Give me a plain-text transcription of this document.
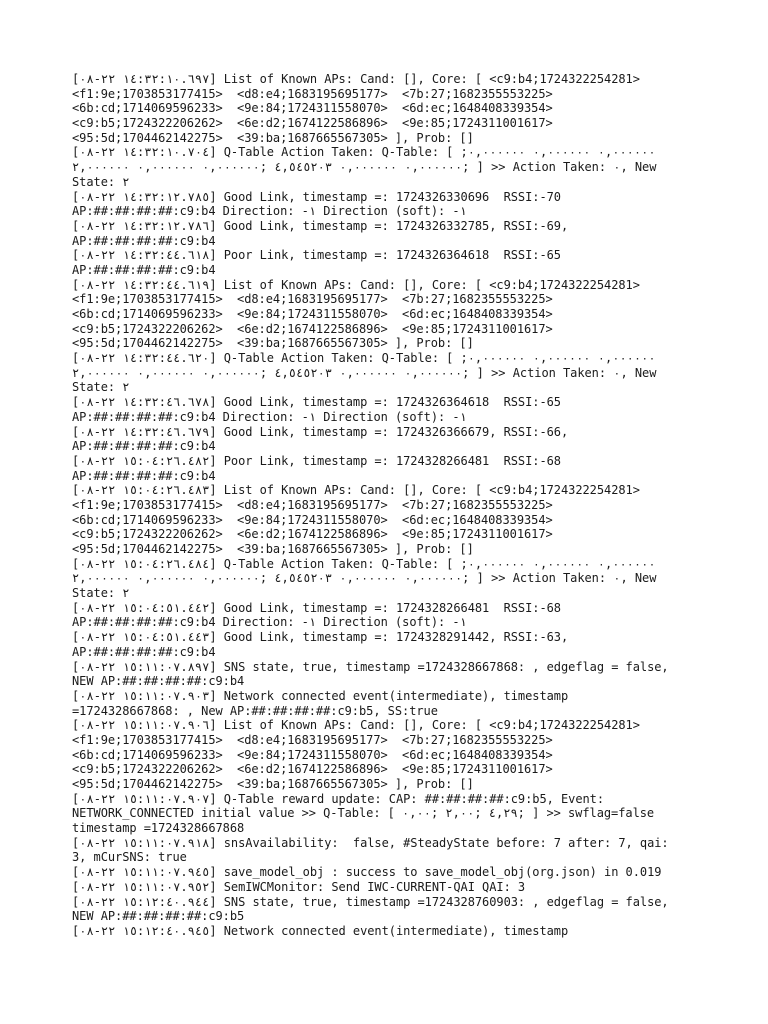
[١٤:٣٢:١٠.٦٩٧ ٢٢-٠٨] List of Known APs: Cand: [], Core: [ <c9:b4;1724322254281>
<f1:9e;1703853177415>  <d8:e4;1683195695177>  <7b:27;1682355553225>
<6b:cd;1714069596233>  <9e:84;1724311558070>  <6d:ec;1648408339354>
<c9:b5;1724322206262>  <6e:d2;1674122586896>  <9e:85;1724311001617>
<95:5d;1704462142275>  <39:ba;1687665567305> ], Prob: []
[١٤:٣٢:١٠.٧٠٤ ٢٢-٠٨] Q-Table Action Taken: Q-Table: [ ;٠,٠٠٠٠٠٠ ٠,٠٠٠٠٠٠ ٠,٠٠٠٠٠٠
٠,٠٠٠٠٠٠ ٠,٠٠٠٠٠٠ ٤,٥٤٥٢٠٣ ;٠,٠٠٠٠٠٠ ٠,٠٠٠٠٠٠ ٢,٠٠٠٠٠٠; ] >> Action Taken: ٠, New
State: ٢
[١٤:٣٢:١٢.٧٨٥ ٢٢-٠٨] Good Link, timestamp =: 1724326330696  RSSI:-70
AP:##:##:##:##:c9:b4 Direction: -١ Direction (soft): -١
[١٤:٣٢:١٢.٧٨٦ ٢٢-٠٨] Good Link, timestamp =: 1724326332785, RSSI:-69,
AP:##:##:##:##:c9:b4
[١٤:٣٢:٤٤.٦١٨ ٢٢-٠٨] Poor Link, timestamp =: 1724326364618  RSSI:-65
AP:##:##:##:##:c9:b4
[١٤:٣٢:٤٤.٦١٩ ٢٢-٠٨] List of Known APs: Cand: [], Core: [ <c9:b4;1724322254281>
<f1:9e;1703853177415>  <d8:e4;1683195695177>  <7b:27;1682355553225>
<6b:cd;1714069596233>  <9e:84;1724311558070>  <6d:ec;1648408339354>
<c9:b5;1724322206262>  <6e:d2;1674122586896>  <9e:85;1724311001617>
<95:5d;1704462142275>  <39:ba;1687665567305> ], Prob: []
[١٤:٣٢:٤٤.٦٢٠ ٢٢-٠٨] Q-Table Action Taken: Q-Table: [ ;٠,٠٠٠٠٠٠ ٠,٠٠٠٠٠٠ ٠,٠٠٠٠٠٠
٠,٠٠٠٠٠٠ ٠,٠٠٠٠٠٠ ٤,٥٤٥٢٠٣ ;٠,٠٠٠٠٠٠ ٠,٠٠٠٠٠٠ ٢,٠٠٠٠٠٠; ] >> Action Taken: ٠, New
State: ٢
[١٤:٣٢:٤٦.٦٧٨ ٢٢-٠٨] Good Link, timestamp =: 1724326364618  RSSI:-65
AP:##:##:##:##:c9:b4 Direction: -١ Direction (soft): -١
[١٤:٣٢:٤٦.٦٧٩ ٢٢-٠٨] Good Link, timestamp =: 1724326366679, RSSI:-66,
AP:##:##:##:##:c9:b4
[١٥:٠٤:٢٦.٤٨٢ ٢٢-٠٨] Poor Link, timestamp =: 1724328266481  RSSI:-68
AP:##:##:##:##:c9:b4
[١٥:٠٤:٢٦.٤٨٣ ٢٢-٠٨] List of Known APs: Cand: [], Core: [ <c9:b4;1724322254281>
<f1:9e;1703853177415>  <d8:e4;1683195695177>  <7b:27;1682355553225>
<6b:cd;1714069596233>  <9e:84;1724311558070>  <6d:ec;1648408339354>
<c9:b5;1724322206262>  <6e:d2;1674122586896>  <9e:85;1724311001617>
<95:5d;1704462142275>  <39:ba;1687665567305> ], Prob: []
[١٥:٠٤:٢٦.٤٨٤ ٢٢-٠٨] Q-Table Action Taken: Q-Table: [ ;٠,٠٠٠٠٠٠ ٠,٠٠٠٠٠٠ ٠,٠٠٠٠٠٠
٠,٠٠٠٠٠٠ ٠,٠٠٠٠٠٠ ٤,٥٤٥٢٠٣ ;٠,٠٠٠٠٠٠ ٠,٠٠٠٠٠٠ ٢,٠٠٠٠٠٠; ] >> Action Taken: ٠, New
State: ٢
[١٥:٠٤:٥١.٤٤٢ ٢٢-٠٨] Good Link, timestamp =: 1724328266481  RSSI:-68
AP:##:##:##:##:c9:b4 Direction: -١ Direction (soft): -١
[١٥:٠٤:٥١.٤٤٣ ٢٢-٠٨] Good Link, timestamp =: 1724328291442, RSSI:-63,
AP:##:##:##:##:c9:b4
[١٥:١١:٠٧.٨٩٧ ٢٢-٠٨] SNS state, true, timestamp =1724328667868: , edgeflag = false,
NEW AP:##:##:##:##:c9:b4
[١٥:١١:٠٧.٩٠٣ ٢٢-٠٨] Network connected event(intermediate), timestamp
=1724328667868: , New AP:##:##:##:##:c9:b5, SS:true
[١٥:١١:٠٧.٩٠٦ ٢٢-٠٨] List of Known APs: Cand: [], Core: [ <c9:b4;1724322254281>
<f1:9e;1703853177415>  <d8:e4;1683195695177>  <7b:27;1682355553225>
<6b:cd;1714069596233>  <9e:84;1724311558070>  <6d:ec;1648408339354>
<c9:b5;1724322206262>  <6e:d2;1674122586896>  <9e:85;1724311001617>
<95:5d;1704462142275>  <39:ba;1687665567305> ], Prob: []
[١٥:١١:٠٧.٩٠٧ ٢٢-٠٨] Q-Table reward update: CAP: ##:##:##:##:c9:b5, Event:
NETWORK_CONNECTED initial value >> Q-Table: [ ٤,٢٩ ;٢,٠٠ ;٠,٠٠; ] >> swflag=false
timestamp =1724328667868
[١٥:١١:٠٧.٩١٨ ٢٢-٠٨] snsAvailability:  false, #SteadyState before: 7 after: 7, qai:
3, mCurSNS: true
[١٥:١١:٠٧.٩٤٥ ٢٢-٠٨] save_model_obj : success to save_model_obj(org.json) in 0.019
[١٥:١١:٠٧.٩٥٢ ٢٢-٠٨] SemIWCMonitor: Send IWC-CURRENT-QAI QAI: 3
[١٥:١٢:٤٠.٩٤٤ ٢٢-٠٨] SNS state, true, timestamp =1724328760903: , edgeflag = false,
NEW AP:##:##:##:##:c9:b5
[١٥:١٢:٤٠.٩٤٥ ٢٢-٠٨] Network connected event(intermediate), timestamp
